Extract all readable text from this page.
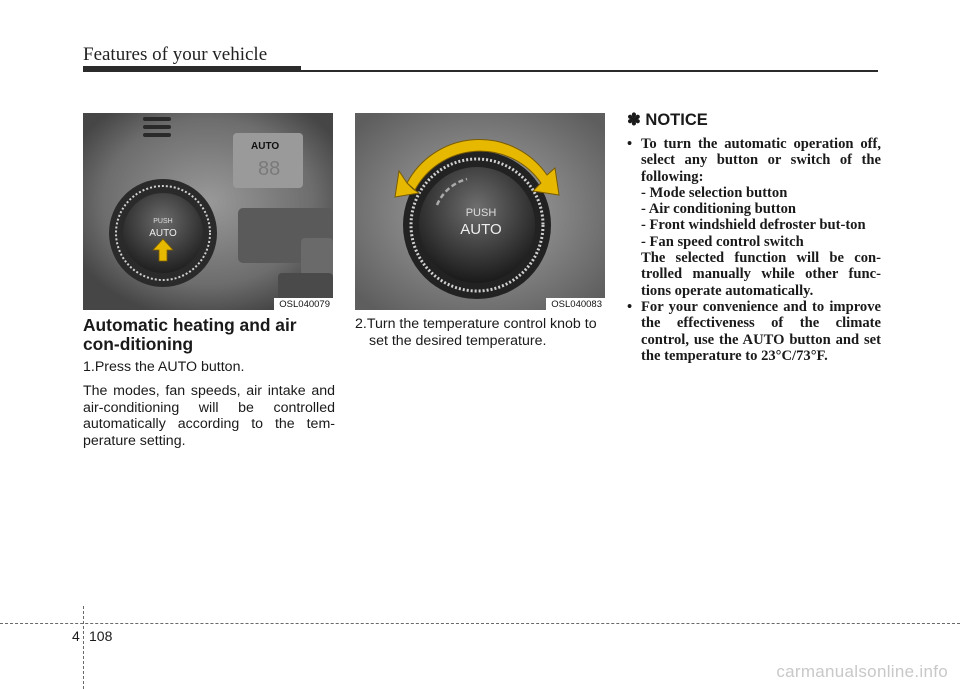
Features of your vehicle
AUTO
88
PUSH
AUTO
OSL040079
PUSH
AUTO
OSL040083
Automatic heating and air con-ditioning
1.Press the AUTO button.
The modes, fan speeds, air intake and air-conditioning will be controlled automatically according to the tem-perature setting.
2.Turn the temperature control knob to set the desired temperature.
✽ NOTICE
• To turn the automatic operation off, select any button or switch of the following:
- Mode selection button
- Air conditioning button
- Front windshield defroster but-ton
- Fan speed control switch
The selected function will be con-trolled manually while other func-tions operate automatically.
• For your convenience and to improve the effectiveness of the climate control, use the AUTO button and set the temperature to 23°C/73°F.
4 108
carmanualsonline.info
